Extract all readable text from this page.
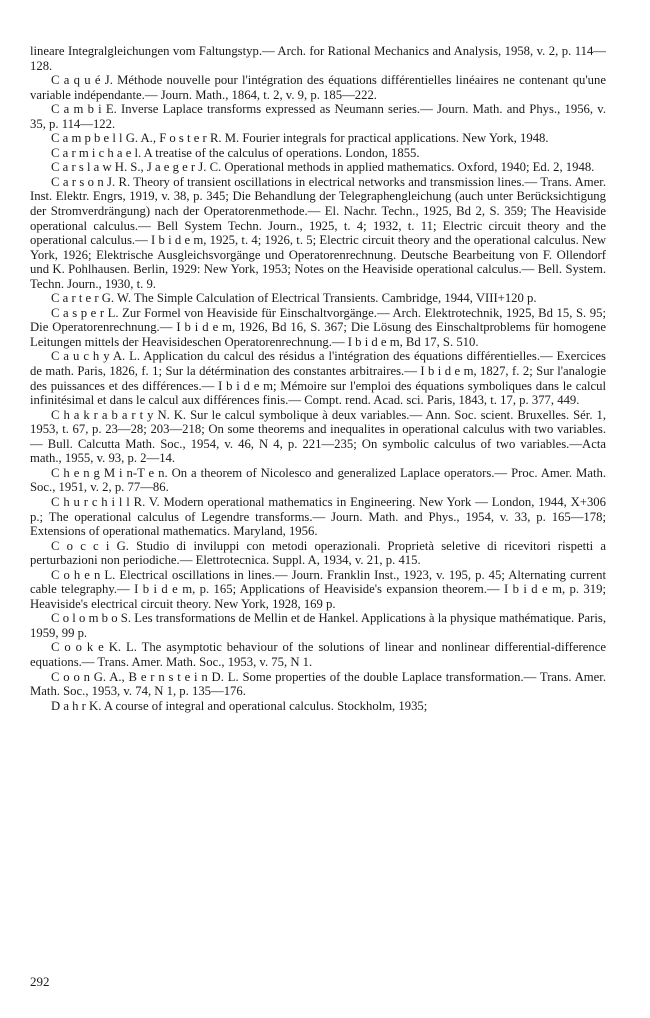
lineare Integralgleichungen vom Faltungstyp.— Arch. for Rational Mechanics and Analysis, 1958, v. 2, p. 114—128.

C a q u é J. Méthode nouvelle pour l'intégration des équations différentielles linéaires ne contenant qu'une variable indépendante.— Journ. Math., 1864, t. 2, v. 9, p. 185—222.

C a m b i E. Inverse Laplace transforms expressed as Neumann series.— Journ. Math. and Phys., 1956, v. 35, p. 114—122.

C a m p b e l l G. A., F o s t e r R. M. Fourier integrals for practical applications. New York, 1948.

C a r m i c h a e l. A treatise of the calculus of operations. London, 1855.

C a r s l a w H. S., J a e g e r J. C. Operational methods in applied mathematics. Oxford, 1940; Ed. 2, 1948.

C a r s o n J. R. Theory of transient oscillations in electrical networks and transmission lines.— Trans. Amer. Inst. Elektr. Engrs, 1919, v. 38, p. 345; Die Behandlung der Telegraphengleichung (auch unter Berücksichtigung der Stromverdrängung) nach der Operatorenmethode.— El. Nachr. Techn., 1925, Bd 2, S. 359; The Heaviside operational calculus.— Bell System Techn. Journ., 1925, t. 4; 1932, t. 11; Electric circuit theory and the operational calculus.— I b i d e m, 1925, t. 4; 1926, t. 5; Electric circuit theory and the operational calculus. New York, 1926; Elektrische Ausgleichsvorgänge und Operatorenrechnung. Deutsche Bearbeitung von F. Ollendorf und K. Pohlhausen. Berlin, 1929: New York, 1953; Notes on the Heaviside operational calculus.— Bell. System. Techn. Journ., 1930, t. 9.

C a r t e r G. W. The Simple Calculation of Electrical Transients. Cambridge, 1944, VIII+120 p.

C a s p e r L. Zur Formel von Heaviside für Einschaltvorgänge.— Arch. Elektrotechnik, 1925, Bd 15, S. 95; Die Operatorenrechnung.— I b i d e m, 1926, Bd 16, S. 367; Die Lösung des Einschaltproblems für homogene Leitungen mittels der Heavisideschen Operatorenrechnung.— I b i d e m, Bd 17, S. 510.

C a u c h y A. L. Application du calcul des résidus a l'intégration des équations différentielles.— Exercices de math. Paris, 1826, f. 1; Sur la détérmination des constantes arbitraires.— I b i d e m, 1827, f. 2; Sur l'analogie des puissances et des différences.— I b i d e m; Mémoire sur l'emploi des équations symboliques dans le calcul infinitésimal et dans le calcul aux différences finis.— Compt. rend. Acad. sci. Paris, 1843, t. 17, p. 377, 449.

C h a k r a b a r t y N. K. Sur le calcul symbolique à deux variables.— Ann. Soc. scient. Bruxelles. Sér. 1, 1953, t. 67, p. 23—28; 203—218; On some theorems and inequalites in operational calculus with two variables.— Bull. Calcutta Math. Soc., 1954, v. 46, N 4, p. 221—235; On symbolic calculus of two variables.—Acta math., 1955, v. 93, p. 2—14.

C h e n g M i n-T e n. On a theorem of Nicolesco and generalized Laplace operators.— Proc. Amer. Math. Soc., 1951, v. 2, p. 77—86.

C h u r c h i l l R. V. Modern operational mathematics in Engineering. New York — London, 1944, X+306 p.; The operational calculus of Legendre transforms.— Journ. Math. and Phys., 1954, v. 33, p. 165—178; Extensions of operational mathematics. Maryland, 1956.

C o c c i G. Studio di inviluppi con metodi operazionali. Proprietà seletive di ricevitori rispetti a perturbazioni non periodiche.— Elettrotecnica. Suppl. A, 1934, v. 21, p. 415.

C o h e n L. Electrical oscillations in lines.— Journ. Franklin Inst., 1923, v. 195, p. 45; Alternating current cable telegraphy.— I b i d e m, p. 165; Applications of Heaviside's expansion theorem.— I b i d e m, p. 319; Heaviside's electrical circuit theory. New York, 1928, 169 p.

C o l o m b o S. Les transformations de Mellin et de Hankel. Applications à la physique mathématique. Paris, 1959, 99 p.

C o o k e K. L. The asymptotic behaviour of the solutions of linear and nonlinear differential-difference equations.— Trans. Amer. Math. Soc., 1953, v. 75, N 1.

C o o n G. A., B e r n s t e i n D. L. Some properties of the double Laplace transformation.— Trans. Amer. Math. Soc., 1953, v. 74, N 1, p. 135—176.

D a h r K. A course of integral and operational calculus. Stockholm, 1935;

292
